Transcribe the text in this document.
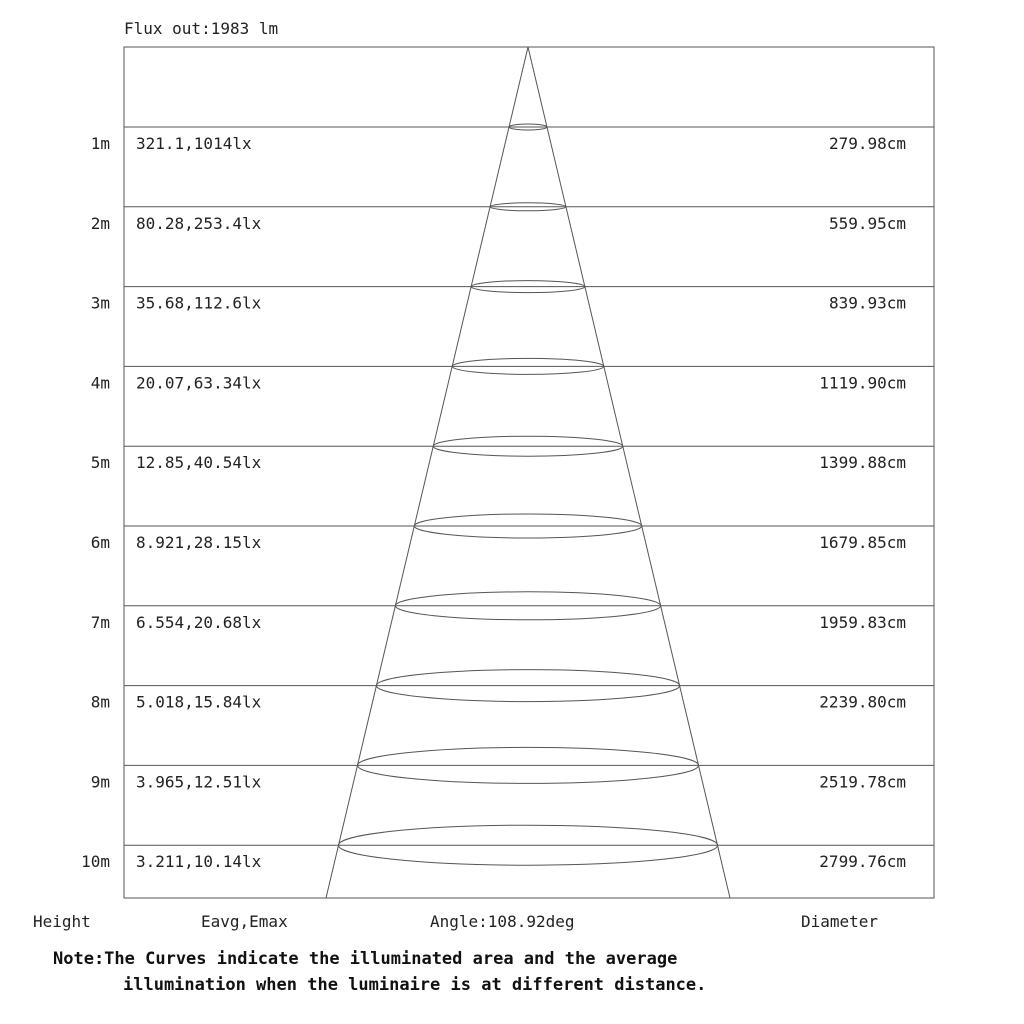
Flux out:1983 lm
1m 321.1,1014lx	279.98cm
2m 80.28,253.4lx	559.95cm
3m 35.68,112.6lx	839.93cm
4m 20.07,63.34lx	1119.90cm
5m 12.85,40.54lx	1399.88cm
6m 8.921,28.15lx	1679.85cm
7m 6.554,20.68lx	1959.83cm
8m 5.018,15.84lx	2239.80cm
9m 3.965,12.51lx	2519.78cm
10m 3.211,10.14lx	2799.76cm
Height	Eavg,Emax	Angle:108.92deg	Diameter
Note:The Curves indicate the illuminated area and the average
illumination when the luminaire is at different distance.
